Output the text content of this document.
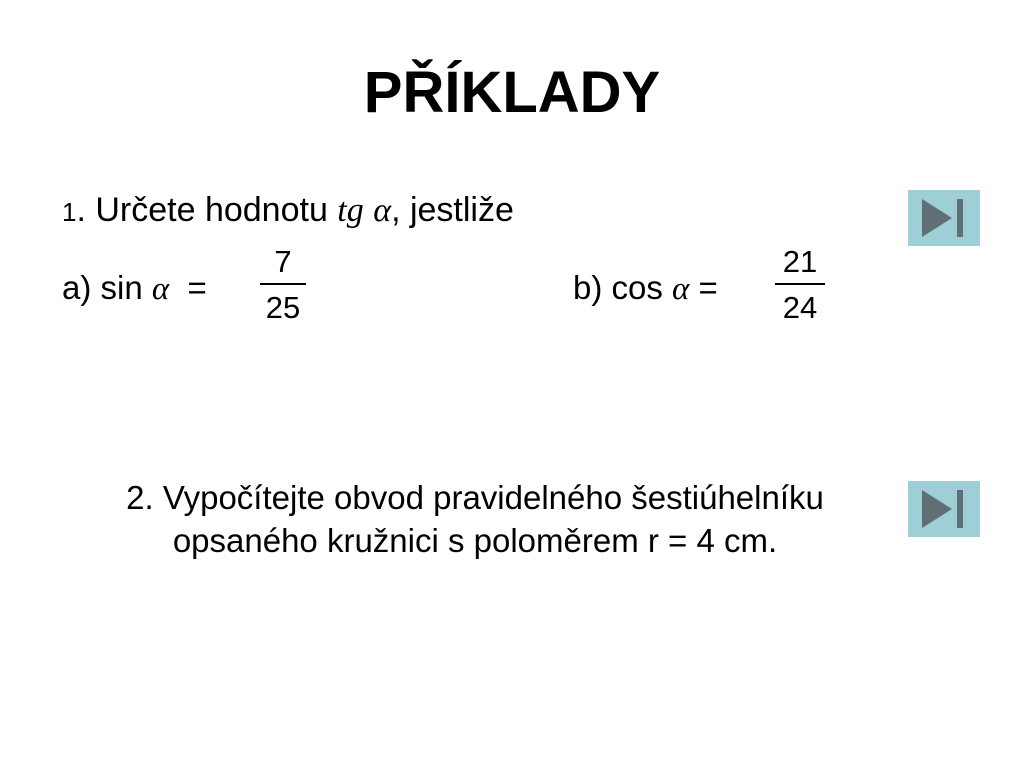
PŘÍKLADY
1. Určete hodnotu tg α, jestliže
a) sin α =
7
25
b) cos α =
21
24
2. Vypočítejte obvod pravidelného šestiúhelníku
opsaného kružnici s poloměrem r = 4 cm.
